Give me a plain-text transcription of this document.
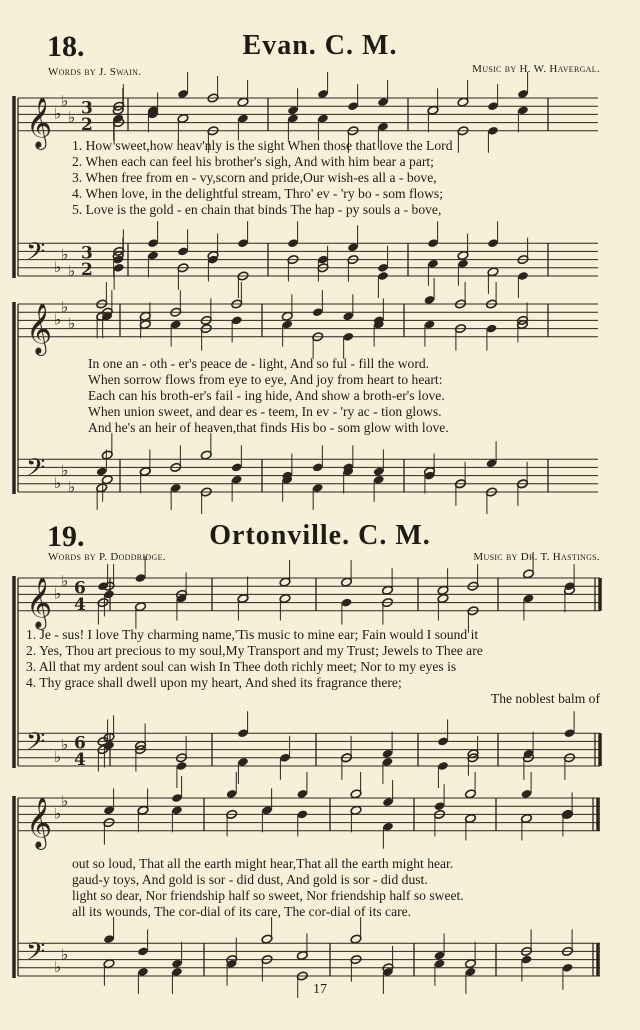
18.	Evan. C. M.
Words by J. Swain.	Music by H. W. Havergal.
𝄞 ♭
♭
♭ 3
2
𝄢 ♭
♭
♭
3
2
1. How sweet,how heav'nly is the sight When those that love the Lord
2. When each can feel his brother's sigh, And with him bear a part;
3. When free from en - vy,scorn and pride,Our wish-es all a - bove,
4. When love, in the delightful stream, Thro' ev - 'ry bo - som flows;
5. Love is the gold - en chain that binds The hap - py souls a - bove,
𝄞 ♭
♭
♭
𝄢 ♭
♭
♭
In one an - oth - er's peace de - light, And so ful - fill the word.
When sorrow flows from eye to eye, And joy from heart to heart:
Each can his broth-er's fail - ing hide, And show a broth-er's love.
When union sweet, and dear es - teem, In ev - 'ry ac - tion glows.
And he's an heir of heaven,that finds His bo - som glow with love.
19.	Ortonville. C. M.
Words by P. Doddridge.	Music by Dr. T. Hastings.
𝄞 ♭
♭ 6
4
𝄢 ♭
♭ 6
4
1. Je - sus! I love Thy charming name,'Tis music to mine ear; Fain would I sound it
2. Yes, Thou art precious to my soul,My Transport and my Trust; Jewels to Thee are
3. All that my ardent soul can wish In Thee doth richly meet; Nor to my eyes is
4. Thy grace shall dwell upon my heart, And shed its fragrance there;
The noblest balm of
𝄞 ♭
♭
𝄢 ♭
♭
out so loud, That all the earth might hear,That all the earth might hear.
gaud-y toys, And gold is sor - did dust, And gold is sor - did dust.
light so dear, Nor friendship half so sweet, Nor friendship half so sweet.
all its wounds, The cor-dial of its care, The cor-dial of its care.
17
